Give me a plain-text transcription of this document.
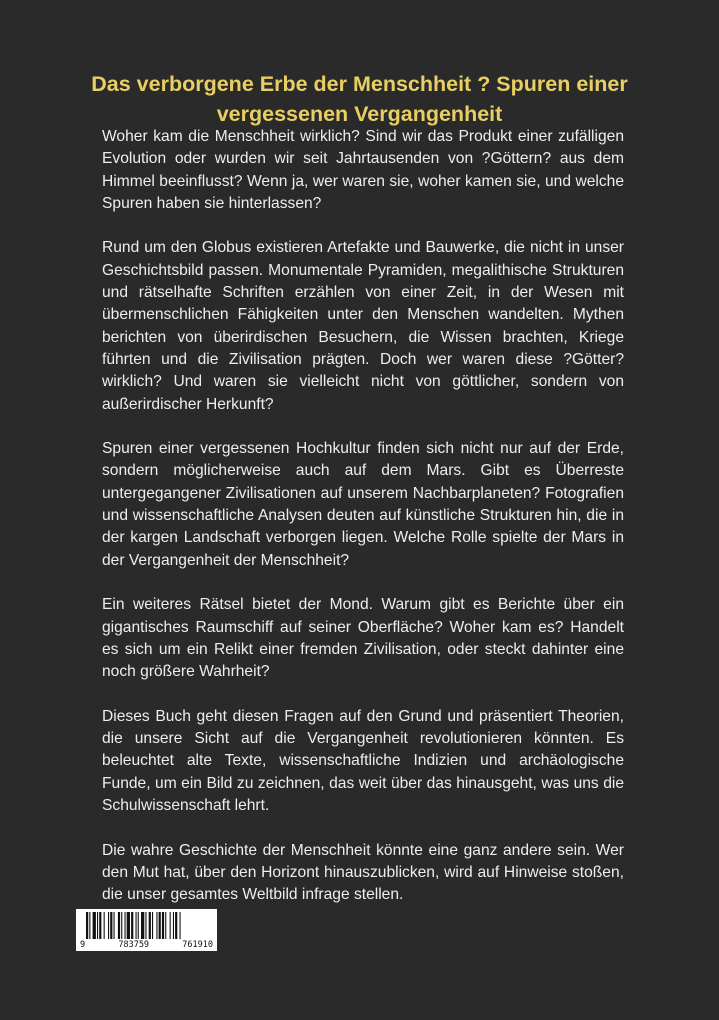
Das verborgene Erbe der Menschheit ? Spuren einer vergessenen Vergangenheit

Woher kam die Menschheit wirklich? Sind wir das Produkt einer zufälligen Evolution oder wurden wir seit Jahrtausenden von ?Göttern? aus dem Himmel beeinflusst? Wenn ja, wer waren sie, woher kamen sie, und welche Spuren haben sie hinterlassen?

Rund um den Globus existieren Artefakte und Bauwerke, die nicht in unser Geschichtsbild passen. Monumentale Pyramiden, megalithische Strukturen und rätselhafte Schriften erzählen von einer Zeit, in der Wesen mit übermenschlichen Fähigkeiten unter den Menschen wandelten. Mythen berichten von überirdischen Besuchern, die Wissen brachten, Kriege führten und die Zivilisation prägten. Doch wer waren diese ?Götter? wirklich? Und waren sie vielleicht nicht von göttlicher, sondern von außerirdischer Herkunft?

Spuren einer vergessenen Hochkultur finden sich nicht nur auf der Erde, sondern möglicherweise auch auf dem Mars. Gibt es Überreste untergegangener Zivilisationen auf unserem Nachbarplaneten? Fotografien und wissenschaftliche Analysen deuten auf künstliche Strukturen hin, die in der kargen Landschaft verborgen liegen. Welche Rolle spielte der Mars in der Vergangenheit der Menschheit?

Ein weiteres Rätsel bietet der Mond. Warum gibt es Berichte über ein gigantisches Raumschiff auf seiner Oberfläche? Woher kam es? Handelt es sich um ein Relikt einer fremden Zivilisation, oder steckt dahinter eine noch größere Wahrheit?

Dieses Buch geht diesen Fragen auf den Grund und präsentiert Theorien, die unsere Sicht auf die Vergangenheit revolutionieren könnten. Es beleuchtet alte Texte, wissenschaftliche Indizien und archäologische Funde, um ein Bild zu zeichnen, das weit über das hinausgeht, was uns die Schulwissenschaft lehrt.

Die wahre Geschichte der Menschheit könnte eine ganz andere sein. Wer den Mut hat, über den Horizont hinauszublicken, wird auf Hinweise stoßen, die unser gesamtes Weltbild infrage stellen.

9	783759	761910
